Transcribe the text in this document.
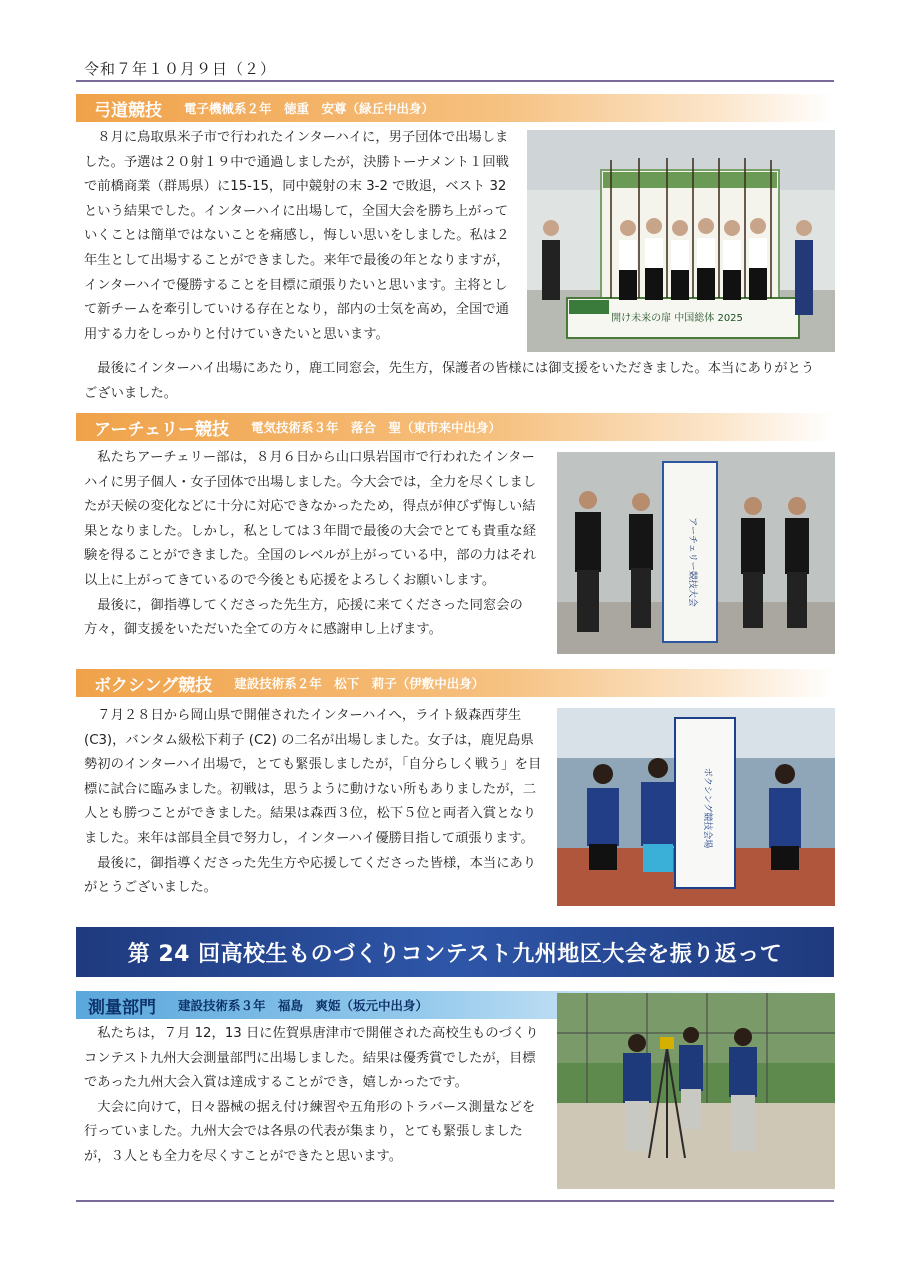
令和７年１０月９日（２）
弓道競技 電子機械系２年　徳重　安尊（緑丘中出身）

８月に鳥取県米子市で行われたインターハイに，男子団体で出場しました。予選は２０射１９中で通過しましたが，決勝トーナメント１回戦で前橋商業（群馬県）に15-15，同中競射の末 3-2 で敗退，ベスト 32 という結果でした。インターハイに出場して，全国大会を勝ち上がっていくことは簡単ではないことを痛感し，悔しい思いをしました。私は２年生として出場することができました。来年で最後の年となりますが，インターハイで優勝することを目標に頑張りたいと思います。主将として新チームを牽引していける存在となり，部内の士気を高め，全国で通用する力をしっかりと付けていきたいと思います。

最後にインターハイ出場にあたり，鹿工同窓会，先生方，保護者の皆様には御支援をいただきました。本当にありがとうございました。

開け未来の扉 中国総体 2025
アーチェリー競技 電気技術系３年　落合　聖（東市来中出身）

私たちアーチェリー部は，８月６日から山口県岩国市で行われたインターハイに男子個人・女子団体で出場しました。今大会では，全力を尽くしましたが天候の変化などに十分に対応できなかったため，得点が伸びず悔しい結果となりました。しかし，私としては３年間で最後の大会でとても貴重な経験を得ることができました。全国のレベルが上がっている中，部の力はそれ以上に上がってきているので今後とも応援をよろしくお願いします。

最後に，御指導してくださった先生方，応援に来てくださった同窓会の方々，御支援をいただいた全ての方々に感謝申し上げます。

アーチェリー競技大会
ボクシング競技 建設技術系２年　松下　莉子（伊敷中出身）

７月２８日から岡山県で開催されたインターハイへ，ライト級森西芽生 (C3)，バンタム級松下莉子 (C2) の二名が出場しました。女子は，鹿児島県勢初のインターハイ出場で，とても緊張しましたが，「自分らしく戦う」を目標に試合に臨みました。初戦は，思うように動けない所もありましたが，二人とも勝つことができました。結果は森西３位，松下５位と両者入賞となりました。来年は部員全員で努力し，インターハイ優勝目指して頑張ります。

最後に，御指導くださった先生方や応援してくださった皆様，本当にありがとうございました。

ボクシング競技会場
第 24 回高校生ものづくりコンテスト九州地区大会を振り返って
測量部門 建設技術系３年　福島　爽姫（坂元中出身）

私たちは，７月 12，13 日に佐賀県唐津市で開催された高校生ものづくりコンテスト九州大会測量部門に出場しました。結果は優秀賞でしたが，目標であった九州大会入賞は達成することができ，嬉しかったです。

大会に向けて，日々器械の据え付け練習や五角形のトラバース測量などを行っていました。九州大会では各県の代表が集まり，とても緊張しましたが，３人とも全力を尽くすことができたと思います。
